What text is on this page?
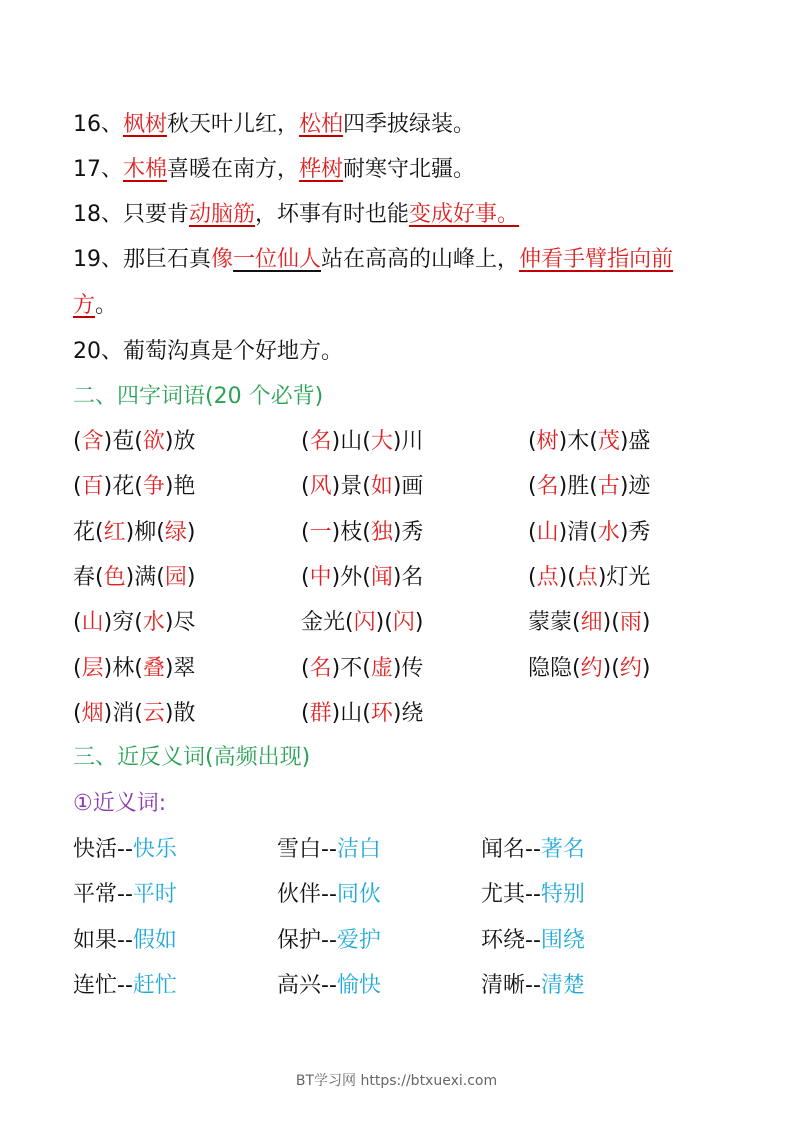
16、枫树秋天叶儿红，松柏四季披绿装。
17、木棉喜暖在南方，桦树耐寒守北疆。
18、只要肯动脑筋，坏事有时也能变成好事。
19、那巨石真像一位仙人站在高高的山峰上，伸看手臂指向前
方。
20、葡萄沟真是个好地方。
二、四字词语(20 个必背)
(含)苞(欲)放	(名)山(大)川	(树)木(茂)盛
(百)花(争)艳	(风)景(如)画	(名)胜(古)迹
花(红)柳(绿)	(一)枝(独)秀	(山)清(水)秀
春(色)满(园)	(中)外(闻)名	(点)(点)灯光
(山)穷(水)尽	金光(闪)(闪)	蒙蒙(细)(雨)
(层)林(叠)翠	(名)不(虚)传	隐隐(约)(约)
(烟)消(云)散	(群)山(环)绕
三、近反义词(高频出现)
①近义词:
快活--快乐	雪白--洁白	闻名--著名
平常--平时	伙伴--同伙	尤其--特别
如果--假如	保护--爱护	环绕--围绕
连忙--赶忙	高兴--愉快	清晰--清楚
BT学习网 https://btxuexi.com
